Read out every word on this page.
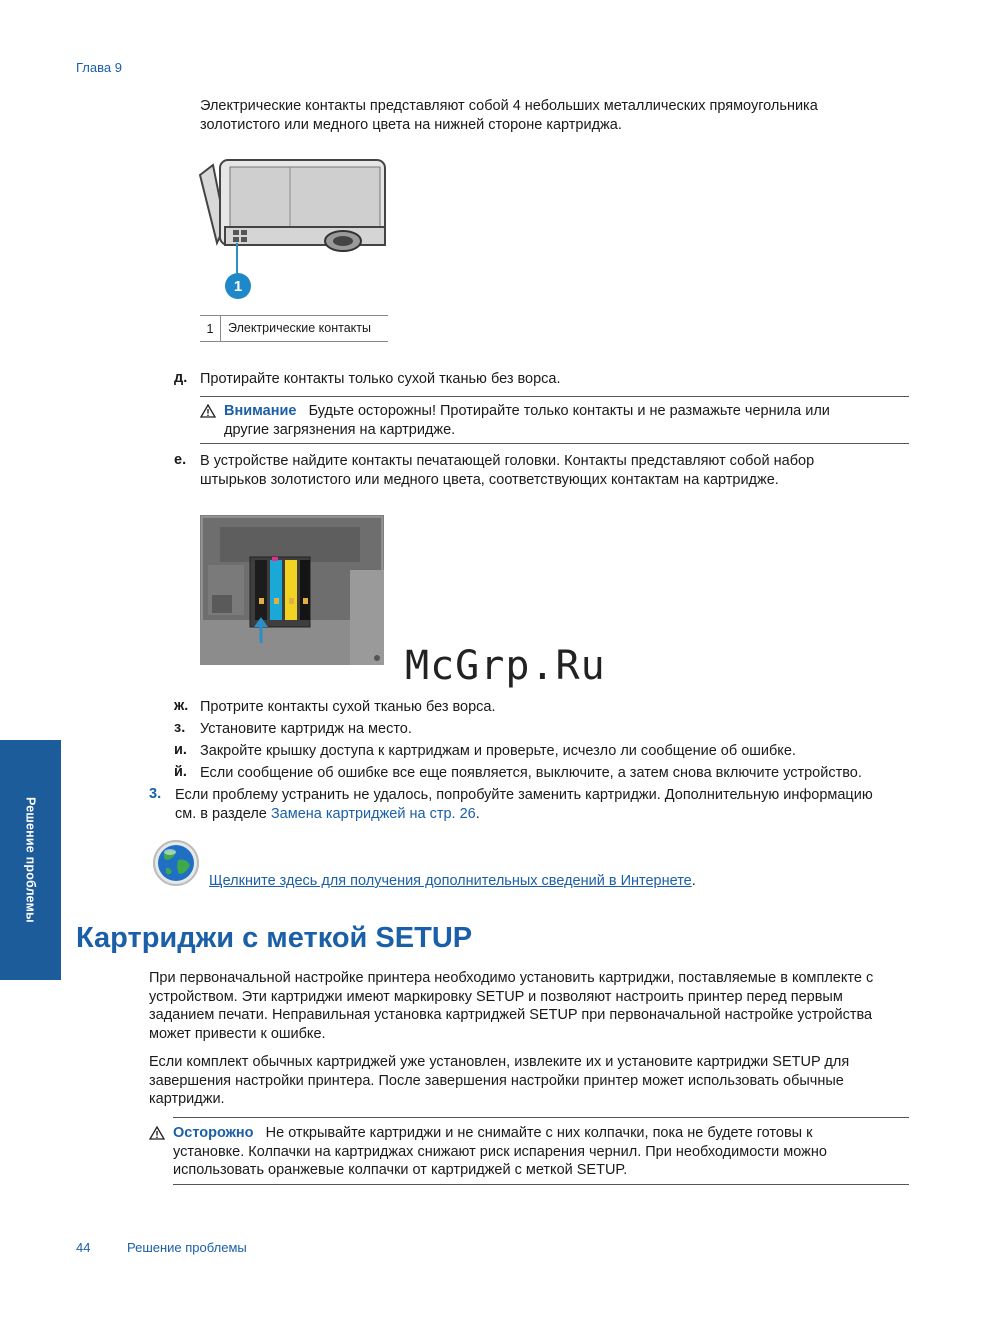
Глава 9
Электрические контакты представляют собой 4 небольших металлических прямоугольника
золотистого или медного цвета на нижней стороне картриджа.
1
1	Электрические контакты
д. Протирайте контакты только сухой тканью без ворса.
Внимание Будьте осторожны! Протирайте только контакты и не размажьте чернила или
другие загрязнения на картридже.
е. В устройстве найдите контакты печатающей головки. Контакты представляют собой набор
штырьков золотистого или медного цвета, соответствующих контактам на картридже.
McGrp.Ru
ж. Протрите контакты сухой тканью без ворса.
з. Установите картридж на место.
и. Закройте крышку доступа к картриджам и проверьте, исчезло ли сообщение об ошибке.
й. Если сообщение об ошибке все еще появляется, выключите, а затем снова включите устройство.
3. Если проблему устранить не удалось, попробуйте заменить картриджи. Дополнительную информацию
см. в разделе Замена картриджей на стр. 26.
Щелкните здесь для получения дополнительных сведений в Интернете.
Решение проблемы
Картриджи с меткой SETUP
При первоначальной настройке принтера необходимо установить картриджи, поставляемые в комплекте с
устройством. Эти картриджи имеют маркировку SETUP и позволяют настроить принтер перед первым
заданием печати. Неправильная установка картриджей SETUP при первоначальной настройке устройства
может привести к ошибке.
Если комплект обычных картриджей уже установлен, извлеките их и установите картриджи SETUP для
завершения настройки принтера. После завершения настройки принтер может использовать обычные
картриджи.
Осторожно Не открывайте картриджи и не снимайте с них колпачки, пока не будете готовы к
установке. Колпачки на картриджах снижают риск испарения чернил. При необходимости можно
использовать оранжевые колпачки от картриджей с меткой SETUP.
44	Решение проблемы
